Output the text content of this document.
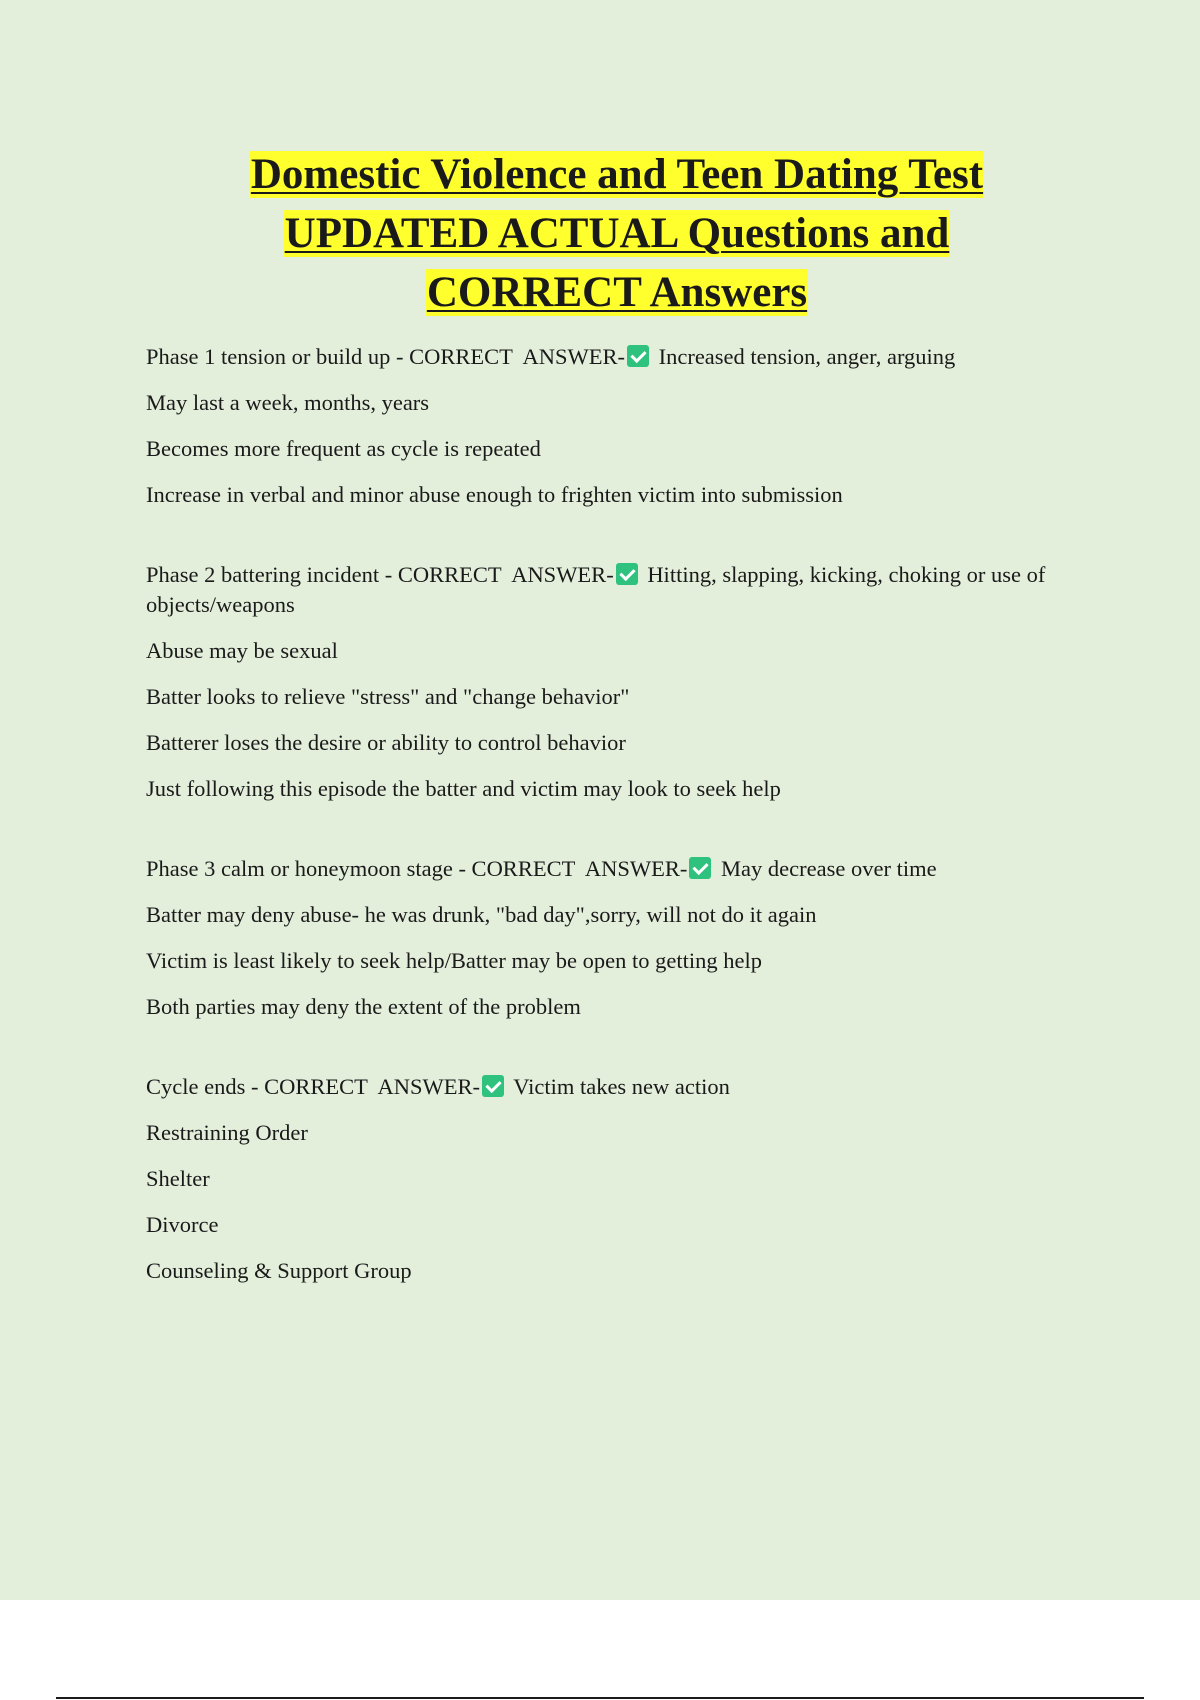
Domestic Violence and Teen Dating Test
UPDATED ACTUAL Questions and
CORRECT Answers
Phase 1 tension or build up - CORRECT  ANSWER- Increased tension, anger, arguing
May last a week, months, years
Becomes more frequent as cycle is repeated
Increase in verbal and minor abuse enough to frighten victim into submission
Phase 2 battering incident - CORRECT  ANSWER- Hitting, slapping, kicking, choking or use of objects/weapons
Abuse may be sexual
Batter looks to relieve "stress" and "change behavior"
Batterer loses the desire or ability to control behavior
Just following this episode the batter and victim may look to seek help
Phase 3 calm or honeymoon stage - CORRECT  ANSWER- May decrease over time
Batter may deny abuse- he was drunk, "bad day",sorry, will not do it again
Victim is least likely to seek help/Batter may be open to getting help
Both parties may deny the extent of the problem
Cycle ends - CORRECT  ANSWER- Victim takes new action
Restraining Order
Shelter
Divorce
Counseling & Support Group
